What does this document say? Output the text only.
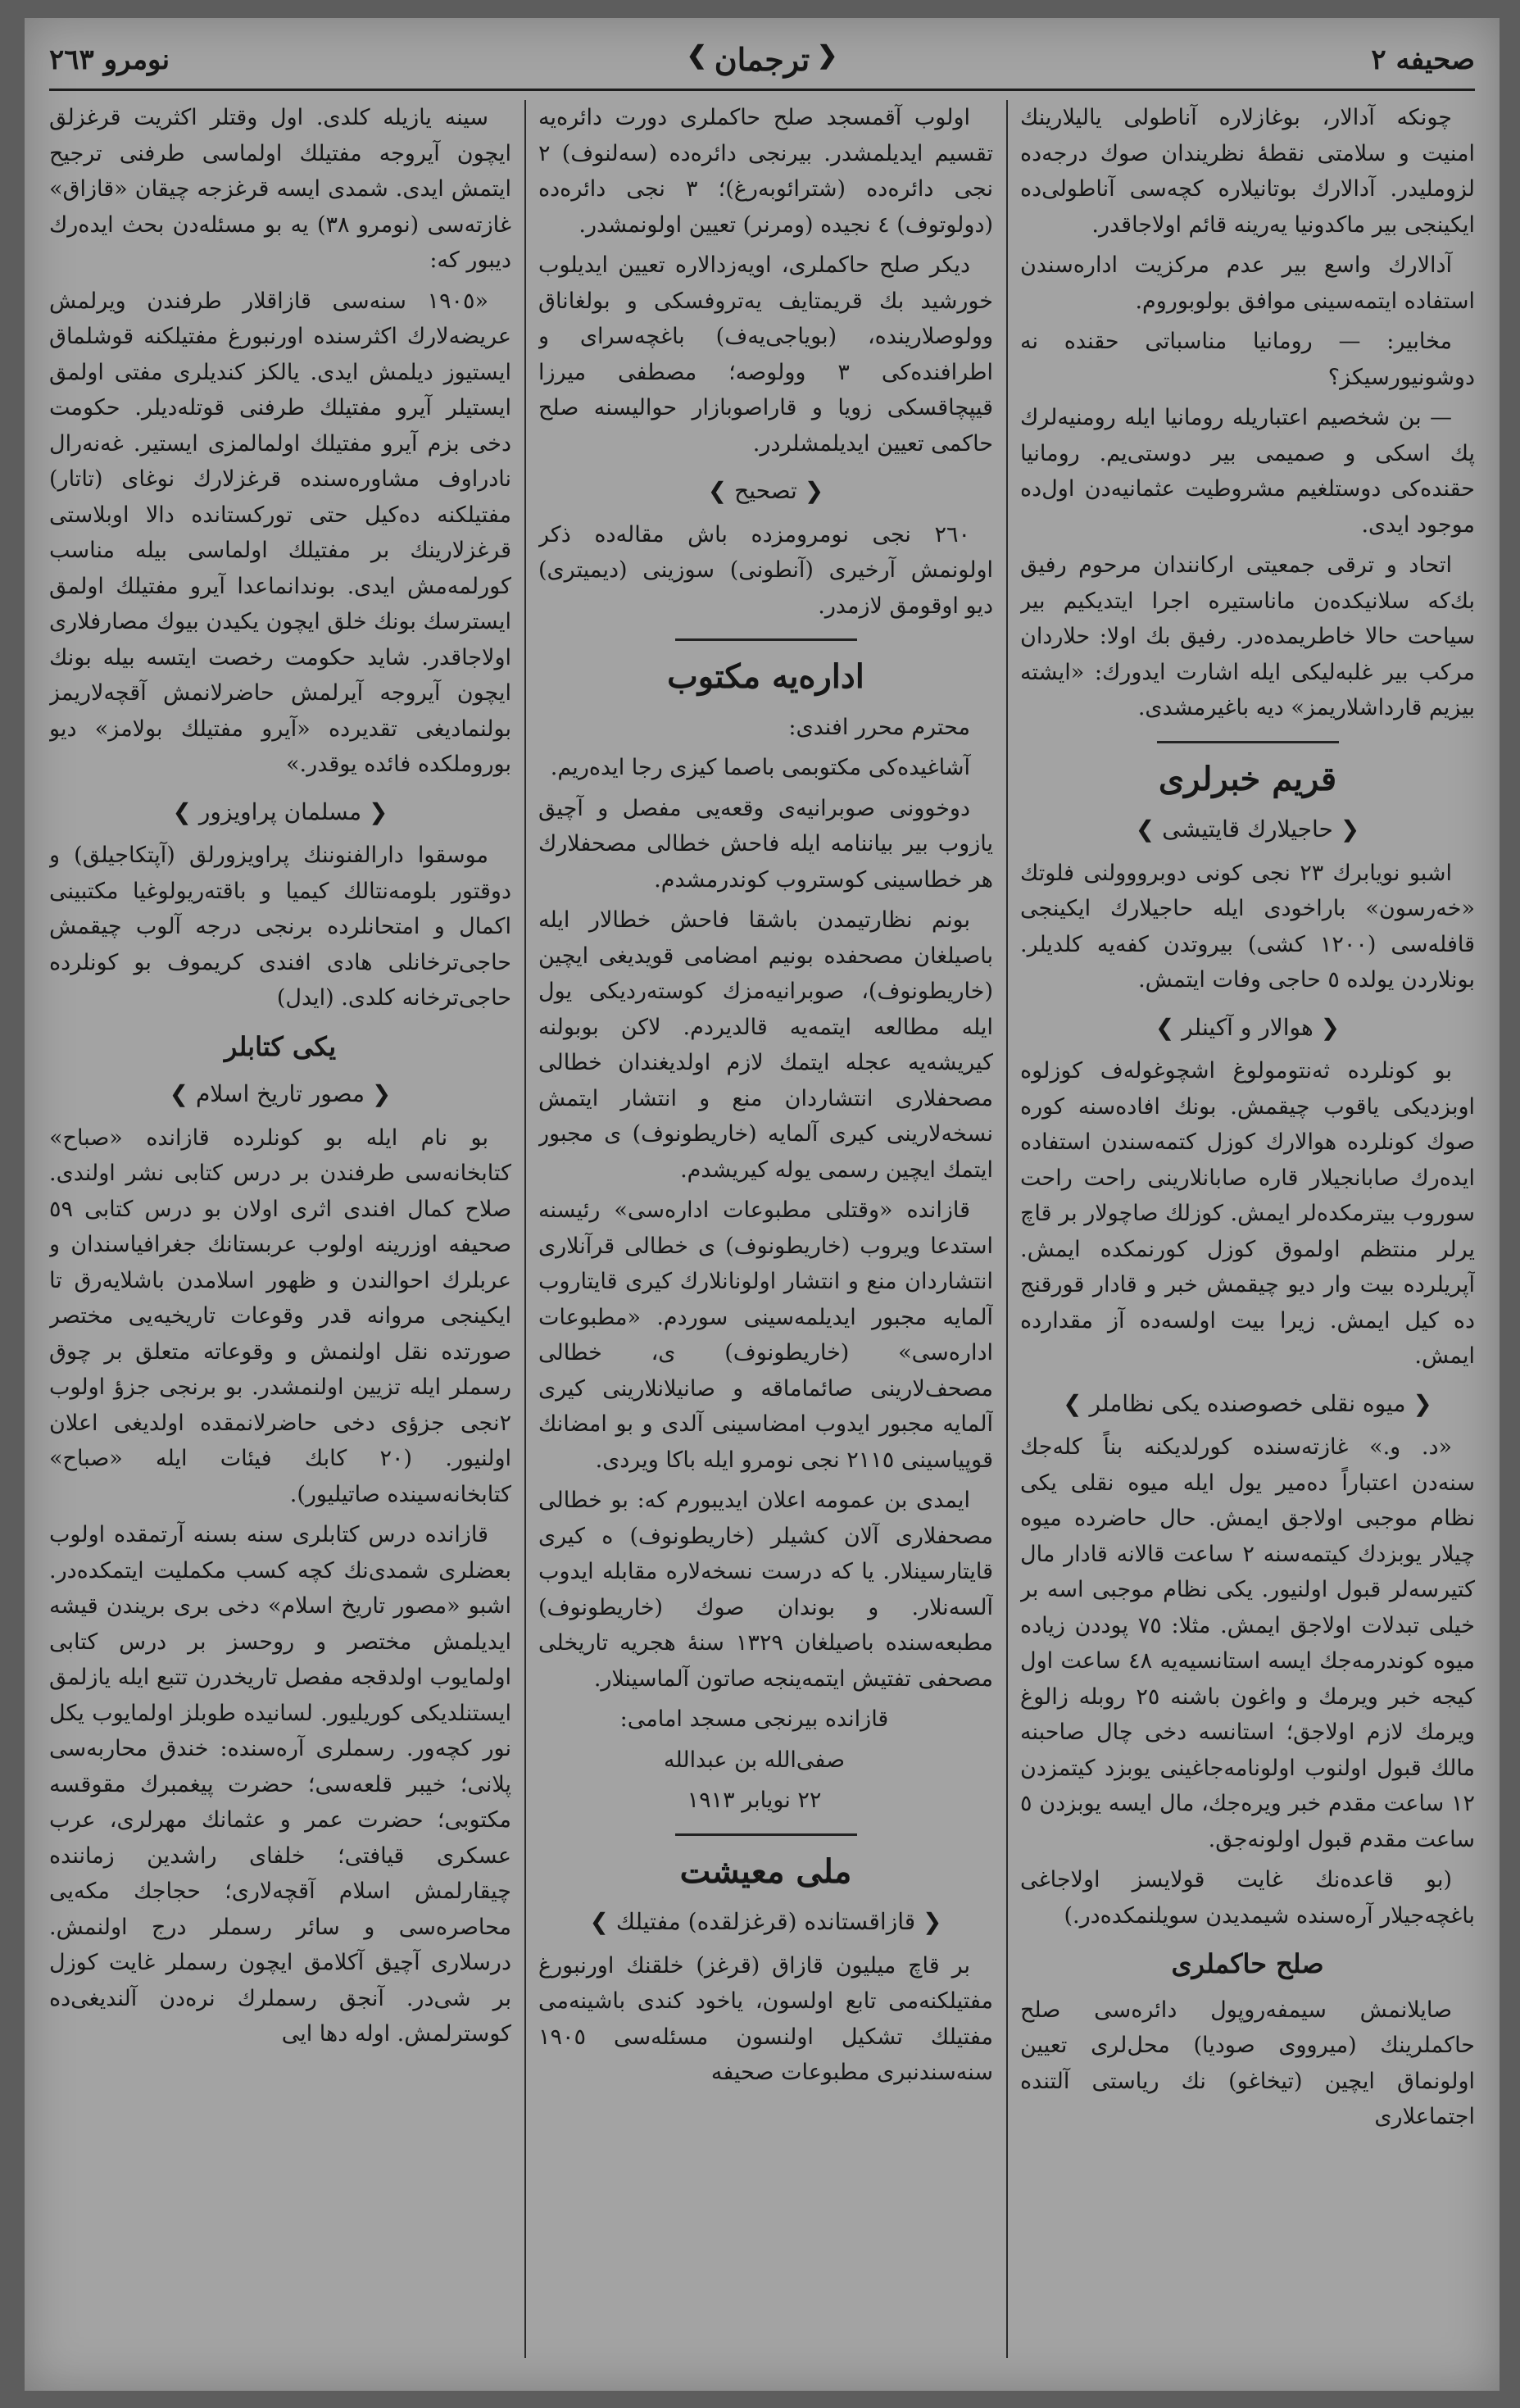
صحيفه ٢
❮ ترجمان ❯
نومرو ٢٦٣

چونكه آدالار، بوغازلاره آناطولی یالیلارینك امنیت و سلامتی نقطهٔ نظریندان صوك درجه‌ده لزوملیدر. آدالارك بوتانیلاره كچه‌سی آناطولی‌ده ایكینجی بیر ماكدونیا یه‌رینه قائم اولاجاقدر.

آدالارك واسع بیر عدم مركزیت اداره‌سندن استفاده ایتمه‌سینی موافق بولوبوروم.

مخابیر: — رومانیا مناسباتی حقنده نه دوشونیورسیكز؟

— بن شخصیم اعتباریله رومانیا ایله رومنیه‌لرك پك اسكی و صمیمی بیر دوستی‌یم. رومانیا حقنده‌كی دوستلغیم مشروطیت عثمانیه‌دن اول‌ده موجود ایدی.

اتحاد و ترقی جمعیتی اركانندان مرحوم رفیق بك‌كه سلانیكده‌ن ماناستیره اجرا ایتدیكیم بیر سیاحت حالا خاطریمده‌در. رفیق بك اولا: حلاردان مركب بیر غلبه‌لیكی ایله اشارت ایدورك: «ایشته بیزیم قارداشلاریمز» دیه باغیرمشدی.

قریم خبرلری
❮ حاجیلارك قایتیشی ❯

اشبو نویابرك ٢٣ نجی كونی دوبرووولنی فلوتك «خه‌رسون» باراخودی ایله حاجیلارك ایكینجی قافله‌سی (١٢٠٠ كشی) بیروتدن كفه‌یه كلدیلر. بونلاردن یولده ٥ حاجی وفات ایتمش.

❮ هوالار و آكینلر ❯

بو كونلرده ثه‌نتومولوغ اشچوغوله‌ف كوزلوه اوبزدیكی یاقوب چیقمش. بونك افاده‌سنه كوره صوك كونلرده هوالارك كوزل كتمه‌سندن استفاده ایده‌رك صابانجیلار قاره صابانلارینی راحت راحت سوروب بیترمكده‌لر ایمش. كوزلك صاچولار بر قاچ یرلر منتظم اولموق كوزل كورنمكده ایمش. آپریلرده بیت وار دیو چیقمش خبر و قادار قورقنج ده كیل ایمش. زیرا بیت اولسه‌ده آز مقدارده ایمش.

❮ میوه نقلی خصوصنده یكی نظاملر ❯

«د. و.» غازته‌سنده كورلدیكنه بناً كله‌جك سنه‌دن اعتباراً ده‌میر یول ایله میوه نقلی یكی نظام موجبی اولاجق ایمش. حال حاضرده میوه چیلار یوبزدك كیتمه‌سنه ٢ ساعت قالانه قادار مال كتیرسه‌لر قبول اولنیور. یكی نظام موجبی اسه بر خیلی تبدلات اولاجق ایمش. مثلا: ٧٥ پوددن زیاده میوه كوندرمه‌جك ایسه استانسیه‌یه ٤٨ ساعت اول كیجه خبر ویرمك و واغون باشنه ٢٥ روبله زالوغ ویرمك لازم اولاجق؛ استانسه دخی چال صاحبنه مالك قبول اولنوب اولونامه‌جاغینی یوبزد كیتمزدن ١٢ ساعت مقدم خبر ویره‌جك، مال ایسه یوبزدن ٥ ساعت مقدم قبول اولونه‌جق.

(بو قاعده‌نك غایت قولایسز اولاجاغی باغچه‌جیلار آره‌سنده شیمدیدن سویلنمكده‌در.)

صلح حاكملری

صایلانمش سیمفه‌روپول دائره‌سی صلح حاكملرینك (میرووی صودیا) محل‌لری تعیین اولونماق ایچین (تیخاغو) نك ریاستی آلتنده اجتماعلاری

اولوب آقمسجد صلح حاكملری دورت دائره‌یه تقسیم ایدیلمشدر. بیرنجی دائره‌ده (سه‌لنوف) ٢ نجی دائره‌ده (شترائوبه‌رغ)؛ ٣ نجی دائره‌ده (دولوتوف) ٤ نجیده (ومرنر) تعیین اولونمشدر.

دیكر صلح حاكملری، اویه‌زدالاره تعیین ایدیلوب خورشید بك قریمتایف یه‌تروفسكی و بولغاناق وولوصلارینده، (بویاجی‌یه‌ف) باغچه‌سرای و اطرافنده‌كی ٣ وولوصه؛ مصطفی میرزا قیپچاقسكی زویا و قاراصوبازار حوالیسنه صلح حاكمی تعیین ایدیلمشلردر.

❮ تصحیح ❯

٢٦٠ نجی نومرومزده باش مقاله‌ده ذكر اولونمش آرخیری (آنطونی) سوزینی (دیمیتری) دیو اوقومق لازمدر.

اداره‌یه مكتوب

محترم محرر افندی:

آشاغیده‌كی مكتوبمی باصما كیزی رجا ایده‌ریم.

دوخوونی صوبرانیه‌ی وقعه‌یی مفصل و آچیق یازوب بیر بیاننامه ایله فاحش خطالی مصحفلارك هر خطاسینی كوستروب كوندرمشدم.

بونم نظارتیمدن باشقا فاحش خطالار ایله باصیلغان مصحفده بونیم امضامی قویدیغی ایچین (خاریطونوف)، صوبرانیه‌مزك كوسته‌ردیكی یول ایله مطالعه ایتمه‌یه قالدیردم. لاكن بوبولنه كیریشه‌یه عجله ایتمك لازم اولدیغندان خطالی مصحفلاری انتشاردان منع و انتشار ایتمش نسخه‌لارینی كیری آلمایه (خاریطونوف) ی مجبور ایتمك ایچین رسمی یوله كیریشدم.

قازانده «وقتلی مطبوعات اداره‌سی» رئیسنه استدعا ویروب (خاریطونوف) ی خطالی قرآنلاری انتشاردان منع و انتشار اولونانلارك كیری قایتاروب آلمایه مجبور ایدیلمه‌سینی سوردم. «مطبوعات اداره‌سی» (خاریطونوف) ی، خطالی مصحف‌لارینی صائماماقه و صانیلانلارینی كیری آلمایه مجبور ایدوب امضاسینی آلدی و بو امضانك قوپیاسینی ٢١١٥ نجی نومرو ایله باكا ویردی.

ایمدی بن عمومه اعلان ایدیبورم كه: بو خطالی مصحفلاری آلان كشیلر (خاریطونوف) ه كیری قایتارسینلار. یا كه درست نسخه‌لاره مقابله ایدوب آلسه‌نلار. و بوندان صوك (خاریطونوف) مطبعه‌سنده باصیلغان ١٣٢٩ سنهٔ هجریه تاریخلی مصحفی تفتیش ایتمه‌ینجه صاتون آلماسینلار.

قازانده بیرنجی مسجد امامی:

صفی‌الله بن عبدالله

٢٢ نویابر ١٩١٣

ملی معیشت
❮ قازاقستانده (قرغزلقده) مفتیلك ❯

بر قاچ میلیون قازاق (قرغز) خلقنك اورنبورغ مفتیلكنه‌می تابع اولسون، یاخود كندی باشینه‌می مفتیلك تشكیل اولنسون مسئله‌سی ١٩٠٥ سنه‌سندنبری مطبوعات صحیفه‌

سینه یازیله كلدی. اول وقتلر اكثریت قرغزلق ایچون آیروجه مفتیلك اولماسی طرفنی ترجیح ایتمش ایدی. شمدی ایسه قرغزجه چیقان «قازاق» غازته‌سی (نومرو ٣٨) یه بو مسئله‌دن بحث ایده‌رك دیبور كه:

«١٩٠٥ سنه‌سی قازاقلار طرفندن ویرلمش عریضه‌لارك اكثرسنده اورنبورغ مفتیلكنه قوشلماق ایستیوز دیلمش ایدی. یالكز كندیلری مفتی اولمق ایستیلر آیرو مفتیلك طرفنی قوتله‌دیلر. حكومت دخی بزم آیرو مفتیلك اولمالمزی ایستیر. غه‌نه‌رال نادراوف مشاوره‌سنده قرغزلارك نوغای (تاتار) مفتیلكنه ده‌كیل حتی توركستانده دالا اوبلاستی قرغزلارینك بر مفتیلك اولماسی بیله مناسب كورلمه‌مش ایدی. بوندانماعدا آیرو مفتیلك اولمق ایسترسك بونك خلق ایچون یكیدن بیوك مصارفلاری اولاجاقدر. شاید حكومت رخصت ایتسه بیله بونك ایچون آیروجه آیرلمش حاضرلانمش آقچه‌لاریمز بولنمادیغی تقدیرده «آیرو مفتیلك بولامز» دیو بوروملكده فائده یوقدر.»

❮ مسلمان پراویزور ❯

موسقوا دارالفنوننك پراویزورلق (آپتكاجیلق) و دوقتور بلومه‌نتالك كیمیا و باقته‌ریولوغیا مكتبینی اكمال و امتحانلرده برنجی درجه آلوب چیقمش حاجی‌ترخانلی هادی افندی كریموف بو كونلرده حاجی‌ترخانه كلدی. (ایدل)

یكی كتابلر
❮ مصور تاریخ اسلام ❯

بو نام ایله بو كونلرده قازانده «صباح» كتابخانه‌سی طرفندن بر درس كتابی نشر اولندی. صلاح كمال افندی اثری اولان بو درس كتابی ٥٩ صحیفه اوزرینه اولوب عربستانك جغرافیاسندان و عربلرك احوالندن و ظهور اسلامدن باشلایه‌رق تا ایكینجی مروانه قدر وقوعات تاریخیه‌یی مختصر صورتده نقل اولنمش و وقوعاته متعلق بر چوق رسملر ایله تزیین اولنمشدر. بو برنجی جزؤ اولوب ٢نجی جزؤی دخی حاضرلانمقده اولدیغی اعلان اولنیور. (٢٠ كابك فیئات ایله «صباح» كتابخانه‌سینده صاتیلیور).

قازانده درس كتابلری سنه بسنه آرتمقده اولوب بعضلری شمدی‌نك كچه كسب مكملیت ایتمكده‌در. اشبو «مصور تاریخ اسلام» دخی بری بریندن قیشه ایدیلمش مختصر و روحسز بر درس كتابی اولمایوب اولدقجه مفصل تاریخدرن تتبع ایله یازلمق ایستنلدیكی كوریلیور. لسانیده طوبلز اولمایوب یكل نور كچه‌ور. رسملری آره‌سنده: خندق محاربه‌سی پلانی؛ خیبر قلعه‌سی؛ حضرت پیغمبرك مقوقسه مكتوبی؛ حضرت عمر و عثمانك مهرلری، عرب عسكری قیافتی؛ خلفای راشدین زماننده چیقارلمش اسلام آقچه‌لاری؛ حجاجك مكه‌یی محاصره‌سی و سائر رسملر درج اولنمش. درسلاری آچیق آكلامق ایچون رسملر غایت كوزل بر شی‌در. آنجق رسملرك نره‌دن آلندیغی‌ده كوسترلمش. اوله دها ایی
